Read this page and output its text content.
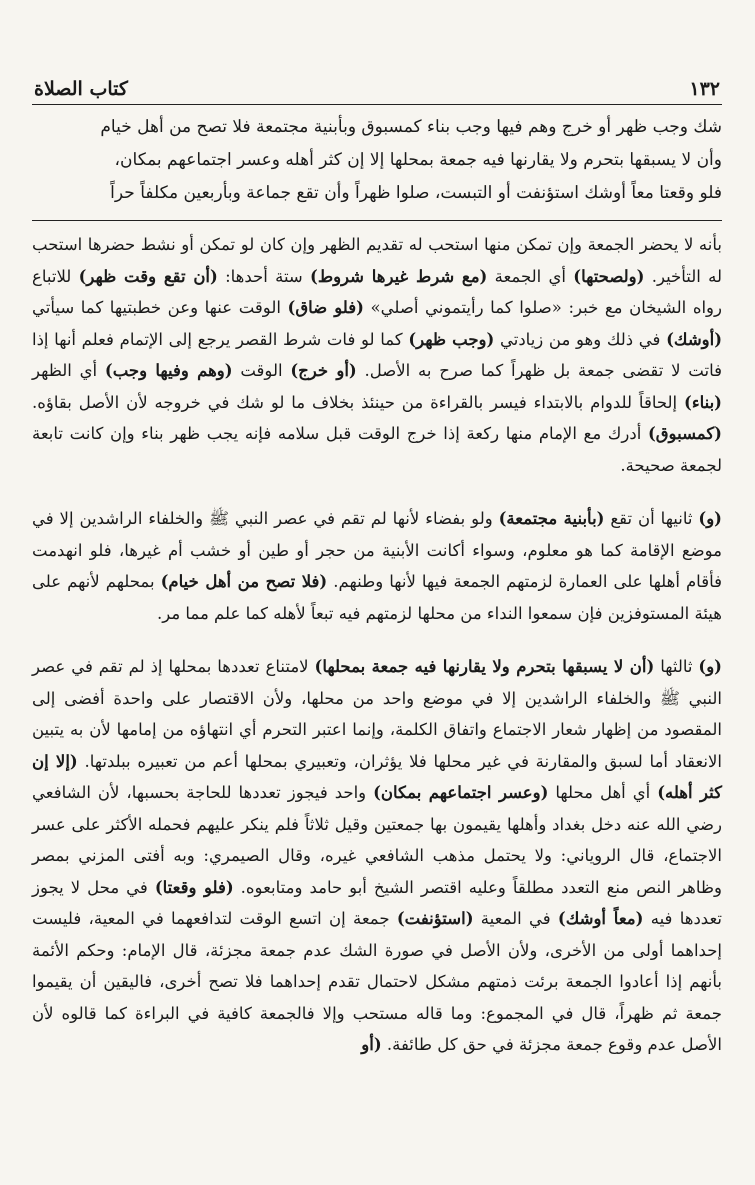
١٣٢
كتاب الصلاة
شك وجب ظهر أو خرج وهم فيها وجب بناء كمسبوق وبأبنية مجتمعة فلا تصح من أهل خيام
وأن لا يسبقها بتحرم ولا يقارنها فيه جمعة بمحلها إلا إن كثر أهله وعسر اجتماعهم بمكان،
فلو وقعتا معاً أوشك استؤنفت أو التبست، صلوا ظهراً وأن تقع جماعة وبأربعين مكلفاً حراً

بأنه لا يحضر الجمعة وإن تمكن منها استحب له تقديم الظهر وإن كان لو تمكن أو نشط حضرها استحب له التأخير. (ولصحتها) أي الجمعة (مع شرط غيرها شروط) ستة أحدها: (أن تقع وقت ظهر) للاتباع رواه الشيخان مع خبر: «صلوا كما رأيتموني أصلي» (فلو ضاق) الوقت عنها وعن خطبتيها كما سيأتي (أوشك) في ذلك وهو من زيادتي (وجب ظهر) كما لو فات شرط القصر يرجع إلى الإتمام فعلم أنها إذا فاتت لا تقضى جمعة بل ظهراً كما صرح به الأصل. (أو خرج) الوقت (وهم وفيها وجب) أي الظهر (بناء) إلحاقاً للدوام بالابتداء فيسر بالقراءة من حينئذ بخلاف ما لو شك في خروجه لأن الأصل بقاؤه. (كمسبوق) أدرك مع الإمام منها ركعة إذا خرج الوقت قبل سلامه فإنه يجب ظهر بناء وإن كانت تابعة لجمعة صحيحة.

(و) ثانيها أن تقع (بأبنية مجتمعة) ولو بفضاء لأنها لم تقم في عصر النبي ﷺ والخلفاء الراشدين إلا في موضع الإقامة كما هو معلوم، وسواء أكانت الأبنية من حجر أو طين أو خشب أم غيرها، فلو انهدمت فأقام أهلها على العمارة لزمتهم الجمعة فيها لأنها وطنهم. (فلا تصح من أهل خيام) بمحلهم لأنهم على هيئة المستوفزين فإن سمعوا النداء من محلها لزمتهم فيه تبعاً لأهله كما علم مما مر.

(و) ثالثها (أن لا يسبقها بتحرم ولا يقارنها فيه جمعة بمحلها) لامتناع تعددها بمحلها إذ لم تقم في عصر النبي ﷺ والخلفاء الراشدين إلا في موضع واحد من محلها، ولأن الاقتصار على واحدة أفضى إلى المقصود من إظهار شعار الاجتماع واتفاق الكلمة، وإنما اعتبر التحرم أي انتهاؤه من إمامها لأن به يتبين الانعقاد أما لسبق والمقارنة في غير محلها فلا يؤثران، وتعبيري بمحلها أعم من تعبيره ببلدتها. (إلا إن كثر أهله) أي أهل محلها (وعسر اجتماعهم بمكان) واحد فيجوز تعددها للحاجة بحسبها، لأن الشافعي رضي الله عنه دخل بغداد وأهلها يقيمون بها جمعتين وقيل ثلاثاً فلم ينكر عليهم فحمله الأكثر على عسر الاجتماع، قال الروياني: ولا يحتمل مذهب الشافعي غيره، وقال الصيمري: وبه أفتى المزني بمصر وظاهر النص منع التعدد مطلقاً وعليه اقتصر الشيخ أبو حامد ومتابعوه. (فلو وقعتا) في محل لا يجوز تعددها فيه (معاً أوشك) في المعية (استؤنفت) جمعة إن اتسع الوقت لتدافعهما في المعية، فليست إحداهما أولى من الأخرى، ولأن الأصل في صورة الشك عدم جمعة مجزئة، قال الإمام: وحكم الأئمة بأنهم إذا أعادوا الجمعة برئت ذمتهم مشكل لاحتمال تقدم إحداهما فلا تصح أخرى، فاليقين أن يقيموا جمعة ثم ظهراً، قال في المجموع: وما قاله مستحب وإلا فالجمعة كافية في البراءة كما قالوه لأن الأصل عدم وقوع جمعة مجزئة في حق كل طائفة. (أو
